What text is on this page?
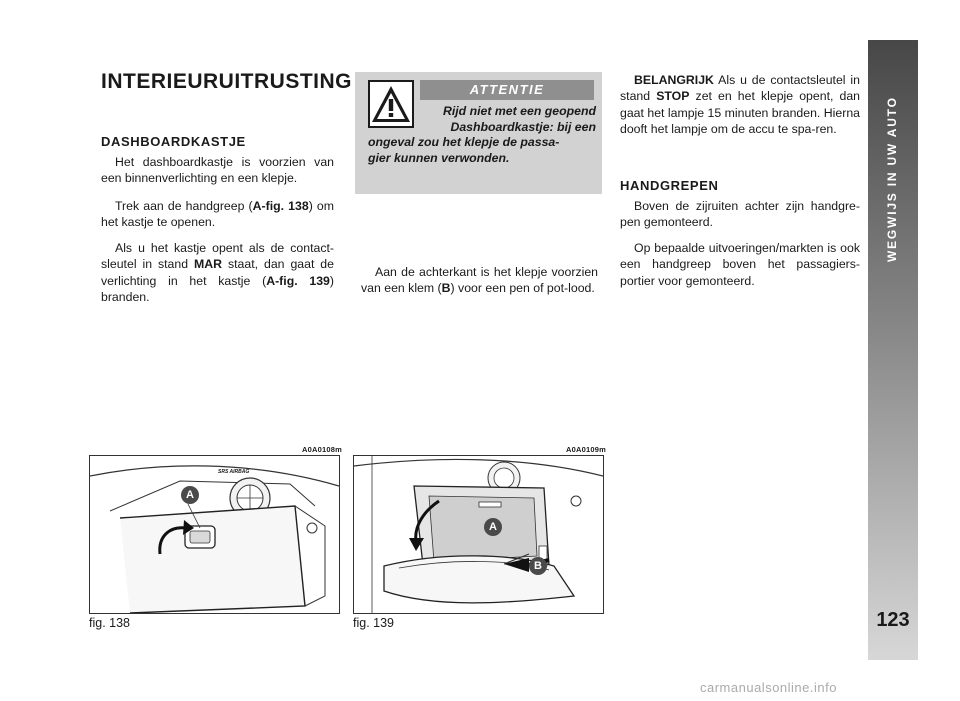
INTERIEURUITRUSTING
DASHBOARDKASTJE

Het dashboardkastje is voorzien van een binnenverlichting en een klepje.

Trek aan de handgreep (A-fig. 138) om het kastje te openen.

Als u het kastje opent als de contact-sleutel in stand MAR staat, dan gaat de verlichting in het kastje (A-fig. 139) branden.

ATTENTIE

Rijd niet met een geopend
Dashboardkastje: bij een
ongeval zou het klepje de passa-
gier kunnen verwonden.

Aan de achterkant is het klepje voorzien van een klem (B) voor een pen of pot-lood.

BELANGRIJK Als u de contactsleutel in stand STOP zet en het klepje opent, dan gaat het lampje 15 minuten branden. Hierna dooft het lampje om de accu te spa-ren.

HANDGREPEN

Boven de zijruiten achter zijn handgre-pen gemonteerd.

Op bepaalde uitvoeringen/markten is ook een handgreep boven het passagiers-portier voor gemonteerd.

A0A0108m
SRS AIRBAG
A
fig. 138
A0A0109m
A
B
fig. 139
WEGWIJS IN UW AUTO
123
carmanualsonline.info
